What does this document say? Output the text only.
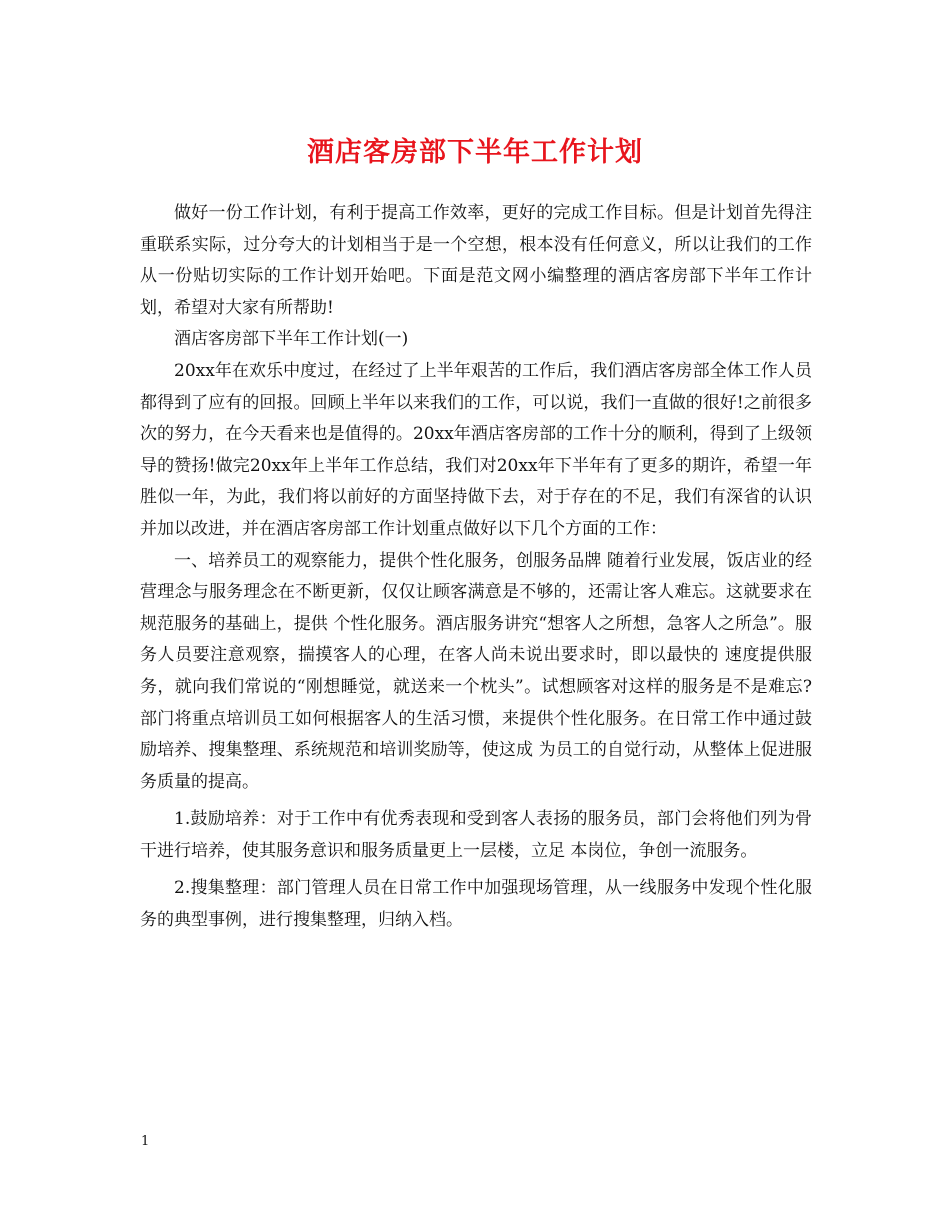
酒店客房部下半年工作计划

做好一份工作计划，有利于提高工作效率，更好的完成工作目标。但是计划首先得注重联系实际，过分夸大的计划相当于是一个空想，根本没有任何意义，所以让我们的工作从一份贴切实际的工作计划开始吧。下面是范文网小编整理的酒店客房部下半年工作计划，希望对大家有所帮助!

酒店客房部下半年工作计划(一)

20xx年在欢乐中度过，在经过了上半年艰苦的工作后，我们酒店客房部全体工作人员都得到了应有的回报。回顾上半年以来我们的工作，可以说，我们一直做的很好!之前很多次的努力，在今天看来也是值得的。20xx年酒店客房部的工作十分的顺利，得到了上级领导的赞扬!做完20xx年上半年工作总结，我们对20xx年下半年有了更多的期许，希望一年胜似一年，为此，我们将以前好的方面坚持做下去，对于存在的不足，我们有深省的认识并加以改进，并在酒店客房部工作计划重点做好以下几个方面的工作：

一、培养员工的观察能力，提供个性化服务，创服务品牌 随着行业发展，饭店业的经营理念与服务理念在不断更新，仅仅让顾客满意是不够的，还需让客人难忘。这就要求在规范服务的基础上，提供 个性化服务。酒店服务讲究“想客人之所想，急客人之所急”。服务人员要注意观察，揣摸客人的心理，在客人尚未说出要求时，即以最快的 速度提供服务，就向我们常说的“刚想睡觉，就送来一个枕头”。试想顾客对这样的服务是不是难忘? 部门将重点培训员工如何根据客人的生活习惯，来提供个性化服务。在日常工作中通过鼓励培养、搜集整理、系统规范和培训奖励等，使这成 为员工的自觉行动，从整体上促进服务质量的提高。

1.鼓励培养：对于工作中有优秀表现和受到客人表扬的服务员，部门会将他们列为骨干进行培养，使其服务意识和服务质量更上一层楼，立足 本岗位，争创一流服务。

2.搜集整理：部门管理人员在日常工作中加强现场管理，从一线服务中发现个性化服务的典型事例，进行搜集整理，归纳入档。

1
